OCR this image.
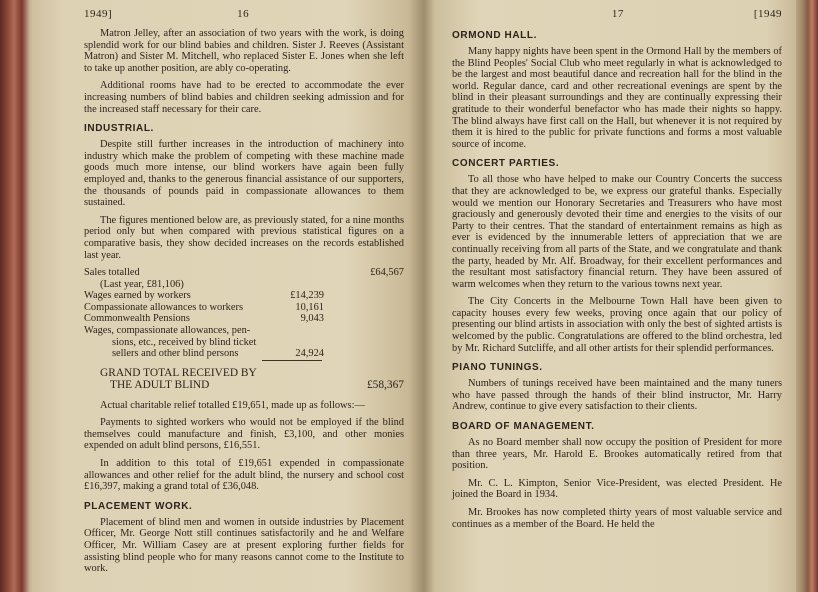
1949]	16

Matron Jelley, after an association of two years with the work, is doing splendid work for our blind babies and children. Sister J. Reeves (Assistant Matron) and Sister M. Mitchell, who replaced Sister E. Jones when she left to take up another position, are ably co-operating.

Additional rooms have had to be erected to accommodate the ever increasing numbers of blind babies and children seeking admission and for the increased staff necessary for their care.

INDUSTRIAL.

Despite still further increases in the introduction of machinery into industry which make the problem of competing with these machine made goods much more intense, our blind workers have again been fully employed and, thanks to the generous financial assistance of our supporters, the thousands of pounds paid in compassionate allowances to them sustained.

The figures mentioned below are, as previously stated, for a nine months period only but when compared with previous statistical figures on a comparative basis, they show decided increases on the records established last year.

Sales totalled	£64,567
(Last year, £81,106)
Wages earned by workers	£14,239
Compassionate allowances to workers	10,161
Commonwealth Pensions	9,043
Wages, compassionate allowances, pen-
sions, etc., received by blind ticket
sellers and other blind persons	24,924
GRAND TOTAL RECEIVED BY
THE ADULT BLIND	£58,367

Actual charitable relief totalled £19,651, made up as follows:—

Payments to sighted workers who would not be employed if the blind themselves could manufacture and finish, £3,100, and other monies expended on adult blind persons, £16,551.

In addition to this total of £19,651 expended in compassionate allowances and other relief for the adult blind, the nursery and school cost £16,397, making a grand total of £36,048.

PLACEMENT WORK.

Placement of blind men and women in outside industries by Placement Officer, Mr. George Nott still continues satisfactorily and he and Welfare Officer, Mr. William Casey are at present exploring further fields for assisting blind people who for many reasons cannot come to the Institute to work.

17	[1949
ORMOND HALL.

Many happy nights have been spent in the Ormond Hall by the members of the Blind Peoples' Social Club who meet regularly in what is acknowledged to be the largest and most beautiful dance and recreation hall for the blind in the world. Regular dance, card and other recreational evenings are spent by the blind in their pleasant surroundings and they are continually expressing their gratitude to their wonderful benefactor who has made their nights so happy. The blind always have first call on the Hall, but whenever it is not required by them it is hired to the public for private functions and forms a most valuable source of income.

CONCERT PARTIES.

To all those who have helped to make our Country Concerts the success that they are acknowledged to be, we express our grateful thanks. Especially would we mention our Honorary Secretaries and Treasurers who have most graciously and generously devoted their time and energies to the visits of our Party to their centres. That the standard of entertainment remains as high as ever is evidenced by the innumerable letters of appreciation that we are continually receiving from all parts of the State, and we congratulate and thank the party, headed by Mr. Alf. Broadway, for their excellent performances and the resultant most satisfactory financial return. They have been assured of warm welcomes when they return to the various towns next year.

The City Concerts in the Melbourne Town Hall have been given to capacity houses every few weeks, proving once again that our policy of presenting our blind artists in association with only the best of sighted artists is welcomed by the public. Congratulations are offered to the blind orchestra, led by Mr. Richard Sutcliffe, and all other artists for their splendid performances.

PIANO TUNINGS.

Numbers of tunings received have been maintained and the many tuners who have passed through the hands of their blind instructor, Mr. Harry Andrew, continue to give every satisfaction to their clients.

BOARD OF MANAGEMENT.

As no Board member shall now occupy the position of President for more than three years, Mr. Harold E. Brookes automatically retired from that position.

Mr. C. L. Kimpton, Senior Vice-President, was elected President. He joined the Board in 1934.

Mr. Brookes has now completed thirty years of most valuable service and continues as a member of the Board. He held the
